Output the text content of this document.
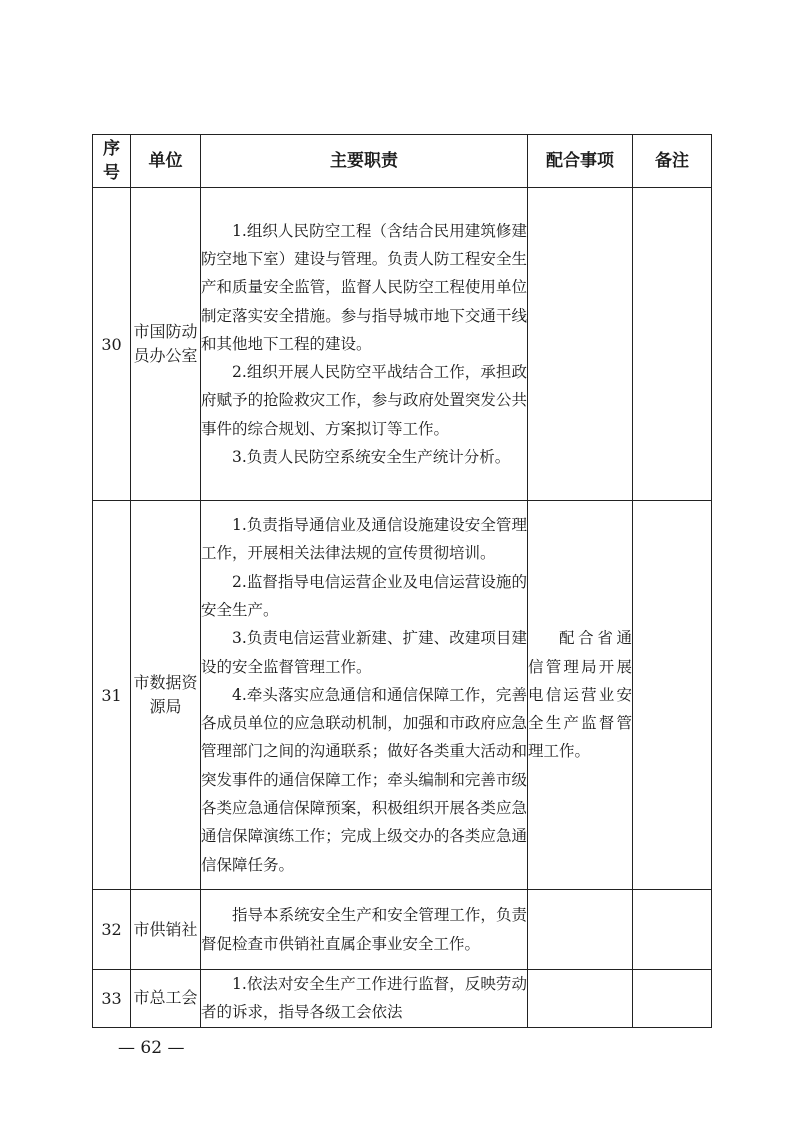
序号	单位	主要职责	配合事项	备注
30	市国防动员办公室	1.组织人民防空工程（含结合民用建筑修建防空地下室）建设与管理。负责人防工程安全生产和质量安全监管，监督人民防空工程使用单位制定落实安全措施。参与指导城市地下交通干线和其他地下工程的建设。

2.组织开展人民防空平战结合工作，承担政府赋予的抢险救灾工作，参与政府处置突发公共事件的综合规划、方案拟订等工作。

3.负责人民防空系统安全生产统计分析。		

31	市数据资源局	1.负责指导通信业及通信设施建设安全管理工作，开展相关法律法规的宣传贯彻培训。

2.监督指导电信运营企业及电信运营设施的安全生产。

3.负责电信运营业新建、扩建、改建项目建设的安全监督管理工作。

4.牵头落实应急通信和通信保障工作，完善各成员单位的应急联动机制，加强和市政府应急管理部门之间的沟通联系；做好各类重大活动和突发事件的通信保障工作；牵头编制和完善市级各类应急通信保障预案，积极组织开展各类应急通信保障演练工作；完成上级交办的各类应急通信保障任务。	配合省通信管理局开展电信运营业安全生产监督管理工作。	

32	市供销社	指导本系统安全生产和安全管理工作，负责督促检查市供销社直属企事业安全工作。		

33	市总工会	1.依法对安全生产工作进行监督，反映劳动者的诉求，指导各级工会依法		

— 62 —
